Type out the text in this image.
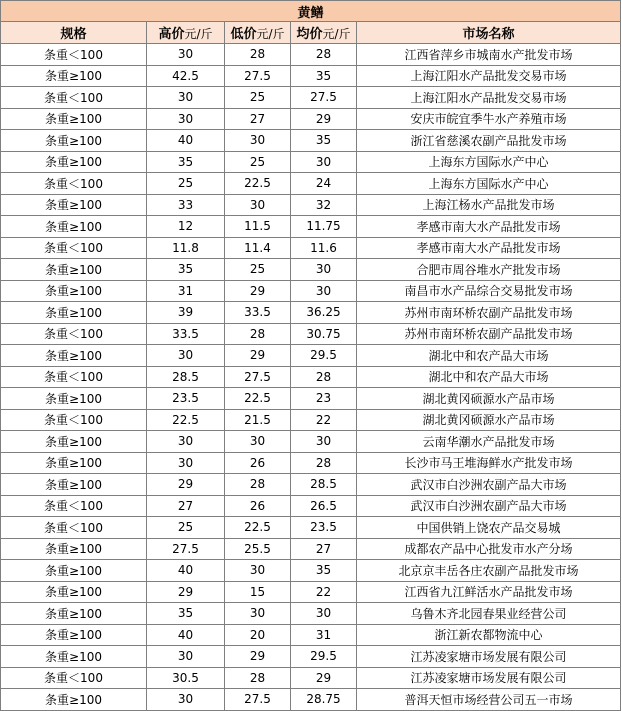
黄鳝				
规格	高价元/斤	低价元/斤	均价元/斤	市场名称
条重＜100	30	28	28	江西省萍乡市城南水产批发市场
条重≥100	42.5	27.5	35	上海江阳水产品批发交易市场
条重＜100	30	25	27.5	上海江阳水产品批发交易市场
条重≥100	30	27	29	安庆市皖宜季牛水产养殖市场
条重≥100	40	30	35	浙江省慈溪农副产品批发市场
条重≥100	35	25	30	上海东方国际水产中心
条重＜100	25	22.5	24	上海东方国际水产中心
条重≥100	33	30	32	上海江杨水产品批发市场
条重≥100	12	11.5	11.75	孝感市南大水产品批发市场
条重＜100	11.8	11.4	11.6	孝感市南大水产品批发市场
条重≥100	35	25	30	合肥市周谷堆水产批发市场
条重≥100	31	29	30	南昌市水产品综合交易批发市场
条重≥100	39	33.5	36.25	苏州市南环桥农副产品批发市场
条重＜100	33.5	28	30.75	苏州市南环桥农副产品批发市场
条重≥100	30	29	29.5	湖北中和农产品大市场
条重＜100	28.5	27.5	28	湖北中和农产品大市场
条重≥100	23.5	22.5	23	湖北黄冈硕源水产品市场
条重＜100	22.5	21.5	22	湖北黄冈硕源水产品市场
条重≥100	30	30	30	云南华潮水产品批发市场
条重≥100	30	26	28	长沙市马王堆海鲜水产批发市场
条重≥100	29	28	28.5	武汉市白沙洲农副产品大市场
条重＜100	27	26	26.5	武汉市白沙洲农副产品大市场
条重＜100	25	22.5	23.5	中国供销上饶农产品交易城
条重≥100	27.5	25.5	27	成都农产品中心批发市水产分场
条重≥100	40	30	35	北京京丰岳各庄农副产品批发市场
条重≥100	29	15	22	江西省九江鲜活水产品批发市场
条重≥100	35	30	30	乌鲁木齐北园春果业经营公司
条重≥100	40	20	31	浙江新农都物流中心
条重≥100	30	29	29.5	江苏凌家塘市场发展有限公司
条重＜100	30.5	28	29	江苏凌家塘市场发展有限公司
条重≥100	30	27.5	28.75	普洱天恒市场经营公司五一市场
